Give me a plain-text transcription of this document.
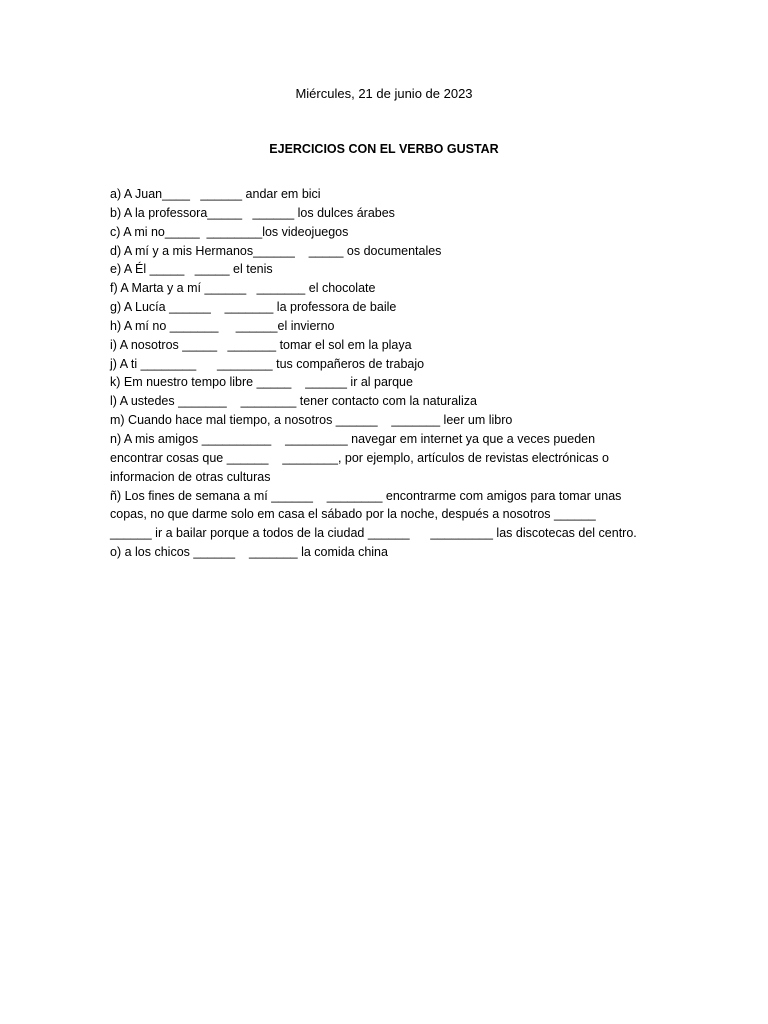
Miércules, 21 de junio de 2023
EJERCICIOS CON EL VERBO GUSTAR
a) A Juan____   ______ andar em bici
b) A la professora_____   ______ los dulces árabes
c) A mi no_____  ________los videojuegos
d) A mí y a mis Hermanos______    _____ os documentales
e) A Él _____   _____ el tenis
f) A Marta y a mí ______   _______ el chocolate
g) A Lucía ______    _______ la professora de baile
h) A mí no _______     ______el invierno
i) A nosotros _____   _______ tomar el sol em la playa
j) A ti ________      ________ tus compañeros de trabajo
k) Em nuestro tempo libre _____    ______ ir al parque
l) A ustedes _______    ________ tener contacto com la naturaliza
m) Cuando hace mal tiempo, a nosotros ______    _______ leer um libro
n) A mis amigos __________    _________ navegar em internet ya que a veces pueden
encontrar cosas que ______    ________, por ejemplo, artículos de revistas electrónicas o
informacion de otras culturas
ñ) Los fines de semana a mí ______    ________ encontrarme com amigos para tomar unas
copas, no que darme solo em casa el sábado por la noche, después a nosotros ______
______ ir a bailar porque a todos de la ciudad ______      _________ las discotecas del centro.
o) a los chicos ______    _______ la comida china
